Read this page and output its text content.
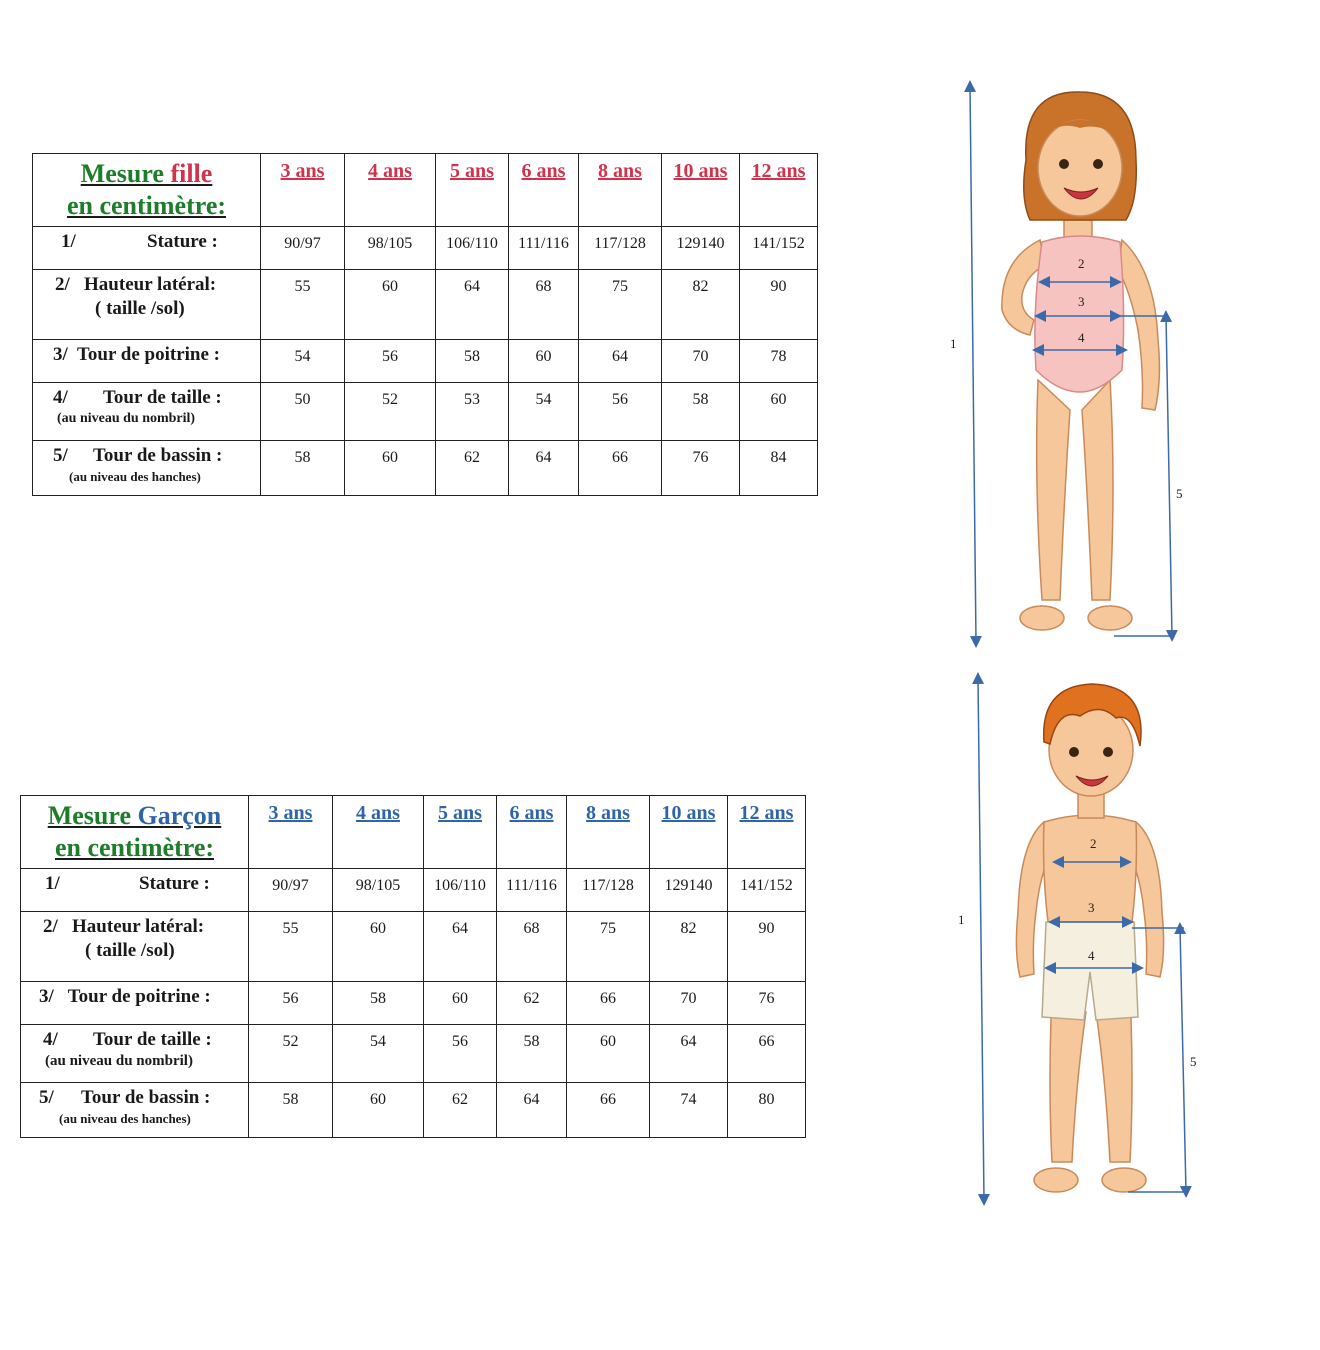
Mesure fille
en centimètre:	3 ans	4 ans	5 ans	6 ans	8 ans	10 ans	12 ans
1/ Stature :	90/97	98/105	106/110	111/116	117/128	129140	141/152

2/ Hauteur latéral:
( taille /sol)	55	60	64	68	75	82	90

3/ Tour de poitrine :	54	56	58	60	64	70	78

4/ Tour de taille :
(au niveau du nombril)	50	52	53	54	56	58	60

5/ Tour de bassin :
(au niveau des hanches)	58	60	62	64	66	76	84
Mesure Garçon
en centimètre:	3 ans	4 ans	5 ans	6 ans	8 ans	10 ans	12 ans
1/ Stature :	90/97	98/105	106/110	111/116	117/128	129140	141/152

2/ Hauteur latéral:
( taille /sol)	55	60	64	68	75	82	90

3/ Tour de poitrine :	56	58	60	62	66	70	76

4/ Tour de taille :
(au niveau du nombril)	52	54	56	58	60	64	66

5/ Tour de bassin :
(au niveau des hanches)	58	60	62	64	66	74	80
1
2
3
4
5
1
2
3
4
5
